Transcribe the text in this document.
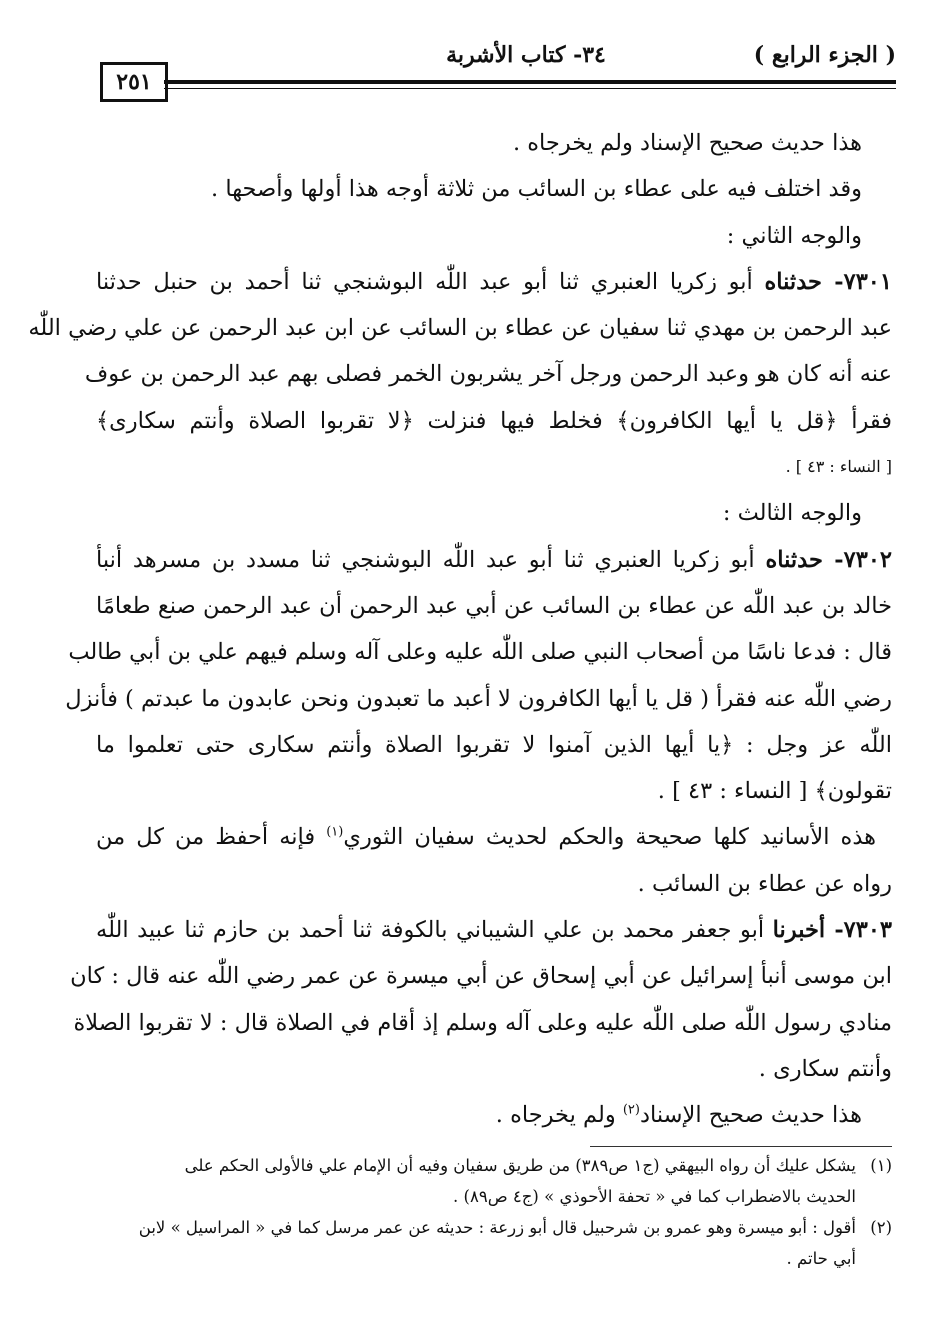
( الجزء الرابع )
٣٤- كتاب الأشربة
٢٥١
هذا حديث صحيح الإسناد ولم يخرجاه .
وقد اختلف فيه على عطاء بن السائب من ثلاثة أوجه هذا أولها وأصحها .
والوجه الثاني :
٧٣٠١- حدثناه أبو زكريا العنبري ثنا أبو عبد اللّٰه البوشنجي ثنا أحمد بن حنبل حدثنا
عبد الرحمن بن مهدي ثنا سفيان عن عطاء بن السائب عن ابن عبد الرحمن عن علي رضي اللّٰه
عنه أنه كان هو وعبد الرحمن ورجل آخر يشربون الخمر فصلى بهم عبد الرحمن بن عوف
فقرأ ﴿قل يا أيها الكافرون﴾ فخلط فيها فنزلت ﴿لا تقربوا الصلاة وأنتم سكارى﴾
[ النساء : ٤٣ ] .
والوجه الثالث :
٧٣٠٢- حدثناه أبو زكريا العنبري ثنا أبو عبد اللّٰه البوشنجي ثنا مسدد بن مسرهد أنبأ
خالد بن عبد اللّٰه عن عطاء بن السائب عن أبي عبد الرحمن أن عبد الرحمن صنع طعامًا
قال : فدعا ناسًا من أصحاب النبي صلى اللّٰه عليه وعلى آله وسلم فيهم علي بن أبي طالب
رضي اللّٰه عنه فقرأ ( قل يا أيها الكافرون لا أعبد ما تعبدون ونحن عابدون ما عبدتم ) فأنزل
اللّٰه عز وجل : ﴿يا أيها الذين آمنوا لا تقربوا الصلاة وأنتم سكارى حتى تعلموا ما
تقولون﴾ [ النساء : ٤٣ ] .
هذه الأسانيد كلها صحيحة والحكم لحديث سفيان الثوري$^{(١)}$ فإنه أحفظ من كل من
رواه عن عطاء بن السائب .
٧٣٠٣- أخبرنا أبو جعفر محمد بن علي الشيباني بالكوفة ثنا أحمد بن حازم ثنا عبيد اللّٰه
ابن موسى أنبأ إسرائيل عن أبي إسحاق عن أبي ميسرة عن عمر رضي اللّٰه عنه قال : كان
منادي رسول اللّٰه صلى اللّٰه عليه وعلى آله وسلم إذ أقام في الصلاة قال : لا تقربوا الصلاة
وأنتم سكارى .
هذا حديث صحيح الإسناد$^{(٢)}$ ولم يخرجاه .
(١)يشكل عليك أن رواه البيهقي (ج١ ص٣٨٩) من طريق سفيان وفيه أن الإمام علي فالأولى الحكم على
الحديث بالاضطراب كما في « تحفة الأحوذي » (ج٤ ص٨٩) .
(٢)أقول : أبو ميسرة وهو عمرو بن شرحبيل قال أبو زرعة : حديثه عن عمر مرسل كما في « المراسيل » لابن
أبي حاتم .
